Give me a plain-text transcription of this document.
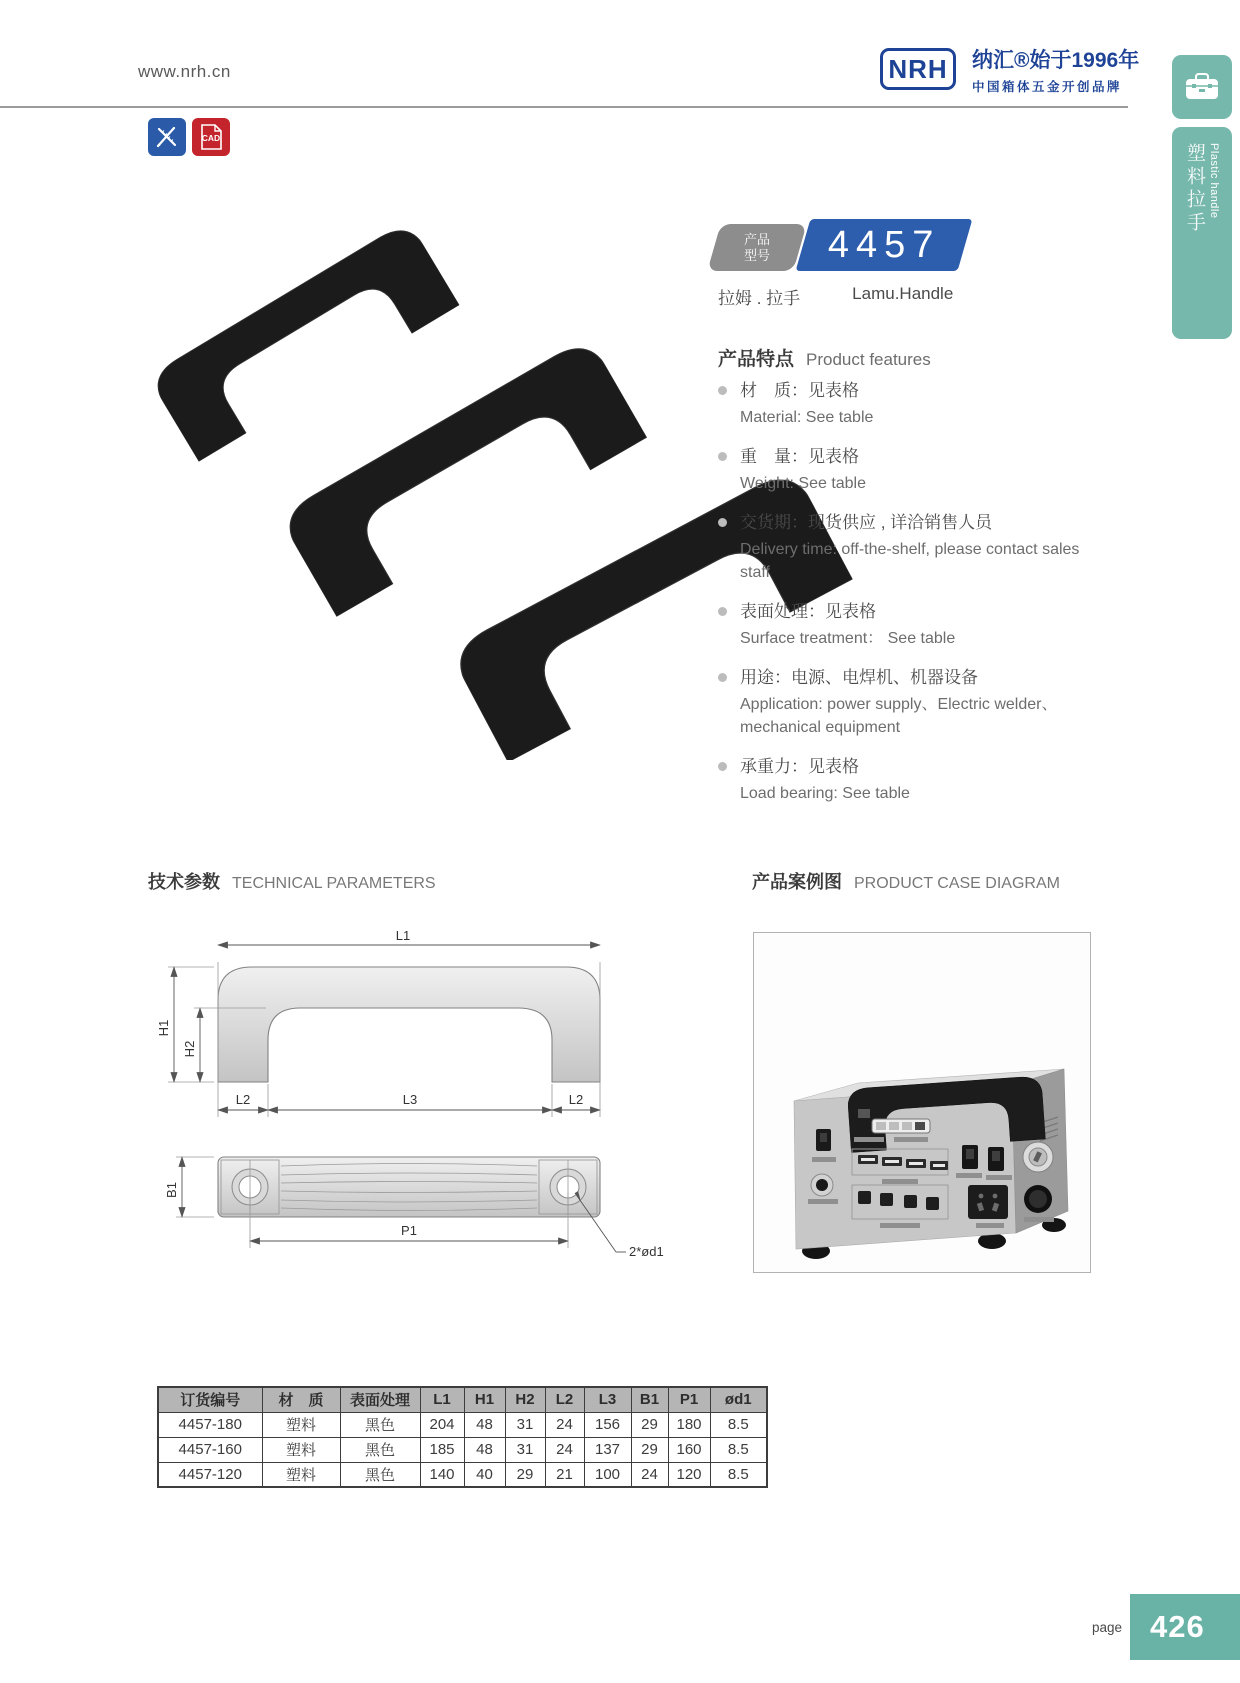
www.nrh.cn	NRH 纳汇®始于1996年
中国箱体五金开创品牌
CAD
塑料拉手 Plastic handle
产品
型号 4457
拉姆 . 拉手	Lamu.Handle
产品特点 Product features
材　质：见表格
Material: See table
重　量：见表格
Weight: See table
交货期：现货供应 , 详洽销售人员
Delivery time: off-the-shelf, please contact sales staff
表面处理：见表格
Surface treatment： See table
用途：电源、电焊机、机器设备
Application: power supply、Electric welder、mechanical equipment
承重力：见表格
Load bearing: See table
技术参数 TECHNICAL PARAMETERS	产品案例图 PRODUCT CASE DIAGRAM
L1
H1
H2
L2	L3	L2
B1
P1
2*ød1
订货编号	材　质	表面处理	L1	H1	H2	L2	L3	B1	P1	ød1
4457-180	塑料	黑色	204	48	31	24	156	29	180	8.5
4457-160	塑料	黑色	185	48	31	24	137	29	160	8.5
4457-120	塑料	黑色	140	40	29	21	100	24	120	8.5
page 426
